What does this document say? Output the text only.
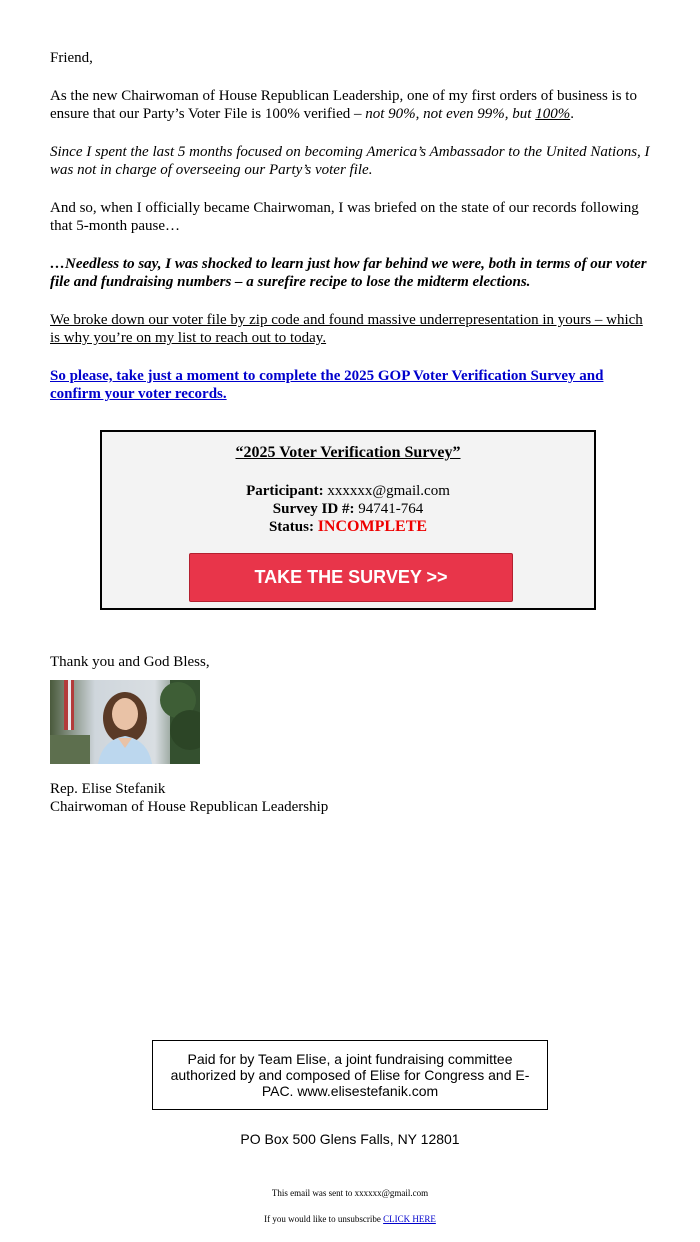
Friend,

As the new Chairwoman of House Republican Leadership, one of my first orders of business is to ensure that our Party’s Voter File is 100% verified – not 90%, not even 99%, but 100%.

Since I spent the last 5 months focused on becoming America’s Ambassador to the United Nations, I was not in charge of overseeing our Party’s voter file.

And so, when I officially became Chairwoman, I was briefed on the state of our records following that 5-month pause…

…Needless to say, I was shocked to learn just how far behind we were, both in terms of our voter file and fundraising numbers – a surefire recipe to lose the midterm elections.

We broke down our voter file by zip code and found massive underrepresentation in yours – which is why you’re on my list to reach out to today.

So please, take just a moment to complete the 2025 GOP Voter Verification Survey and confirm your voter records.

“2025 Voter Verification Survey”
Participant: xxxxxx@gmail.com
Survey ID #: 94741-764
Status: INCOMPLETE
TAKE THE SURVEY >>

Thank you and God Bless,

Rep. Elise Stefanik

Chairwoman of House Republican Leadership

Paid for by Team Elise, a joint fundraising committee authorized by and composed of Elise for Congress and E-PAC. www.elisestefanik.com
PO Box 500 Glens Falls, NY 12801
This email was sent to xxxxxx@gmail.com
If you would like to unsubscribe CLICK HERE
